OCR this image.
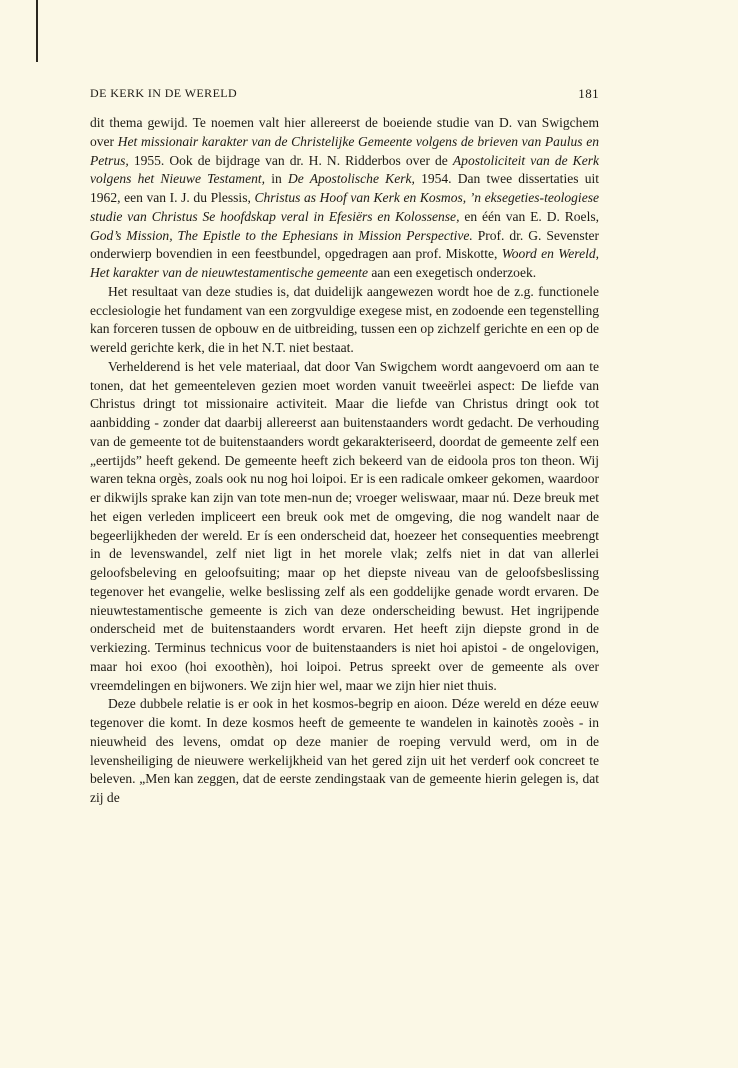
DE KERK IN DE WERELD	181

dit thema gewijd. Te noemen valt hier allereerst de boeiende studie van D. van Swigchem over Het missionair karakter van de Christelijke Gemeente volgens de brieven van Paulus en Petrus, 1955. Ook de bijdrage van dr. H. N. Ridderbos over de Apostoliciteit van de Kerk volgens het Nieuwe Testament, in De Apostolische Kerk, 1954. Dan twee dissertaties uit 1962, een van I. J. du Plessis, Christus as Hoof van Kerk en Kosmos, ’n eksegeties-teologiese studie van Christus Se hoofdskap veral in Efesiërs en Kolossense, en één van E. D. Roels, God’s Mission, The Epistle to the Ephesians in Mission Perspective. Prof. dr. G. Sevenster onderwierp bovendien in een feestbundel, opgedragen aan prof. Miskotte, Woord en Wereld, Het karakter van de nieuwtestamentische gemeente aan een exegetisch onderzoek.

Het resultaat van deze studies is, dat duidelijk aangewezen wordt hoe de z.g. functionele ecclesiologie het fundament van een zorgvuldige exegese mist, en zodoende een tegenstelling kan forceren tussen de opbouw en de uitbreiding, tussen een op zichzelf gerichte en een op de wereld gerichte kerk, die in het N.T. niet bestaat.

Verhelderend is het vele materiaal, dat door Van Swigchem wordt aangevoerd om aan te tonen, dat het gemeenteleven gezien moet worden vanuit tweeërlei aspect: De liefde van Christus dringt tot missionaire activiteit. Maar die liefde van Christus dringt ook tot aanbidding - zonder dat daarbij allereerst aan buitenstaanders wordt gedacht. De verhouding van de gemeente tot de buitenstaanders wordt gekarakteriseerd, doordat de gemeente zelf een „eertijds” heeft gekend. De gemeente heeft zich bekeerd van de eidoola pros ton theon. Wij waren tekna orgès, zoals ook nu nog hoi loipoi. Er is een radicale omkeer gekomen, waardoor er dikwijls sprake kan zijn van tote men-nun de; vroeger weliswaar, maar nú. Deze breuk met het eigen verleden impliceert een breuk ook met de omgeving, die nog wandelt naar de begeerlijkheden der wereld. Er ís een onderscheid dat, hoezeer het consequenties meebrengt in de levenswandel, zelf niet ligt in het morele vlak; zelfs niet in dat van allerlei geloofsbeleving en geloofsuiting; maar op het diepste niveau van de geloofsbeslissing tegenover het evangelie, welke beslissing zelf als een goddelijke genade wordt ervaren. De nieuwtestamentische gemeente is zich van deze onderscheiding bewust. Het ingrijpende onderscheid met de buitenstaanders wordt ervaren. Het heeft zijn diepste grond in de verkiezing. Terminus technicus voor de buitenstaanders is niet hoi apistoi - de ongelovigen, maar hoi exoo (hoi exoothèn), hoi loipoi. Petrus spreekt over de gemeente als over vreemdelingen en bijwoners. We zijn hier wel, maar we zijn hier niet thuis.

Deze dubbele relatie is er ook in het kosmos-begrip en aioon. Déze wereld en déze eeuw tegenover die komt. In deze kosmos heeft de gemeente te wandelen in kainotès zooès - in nieuwheid des levens, omdat op deze manier de roeping vervuld werd, om in de levensheiliging de nieuwere werkelijkheid van het gered zijn uit het verderf ook concreet te beleven. „Men kan zeggen, dat de eerste zendingstaak van de gemeente hierin gelegen is, dat zij de
